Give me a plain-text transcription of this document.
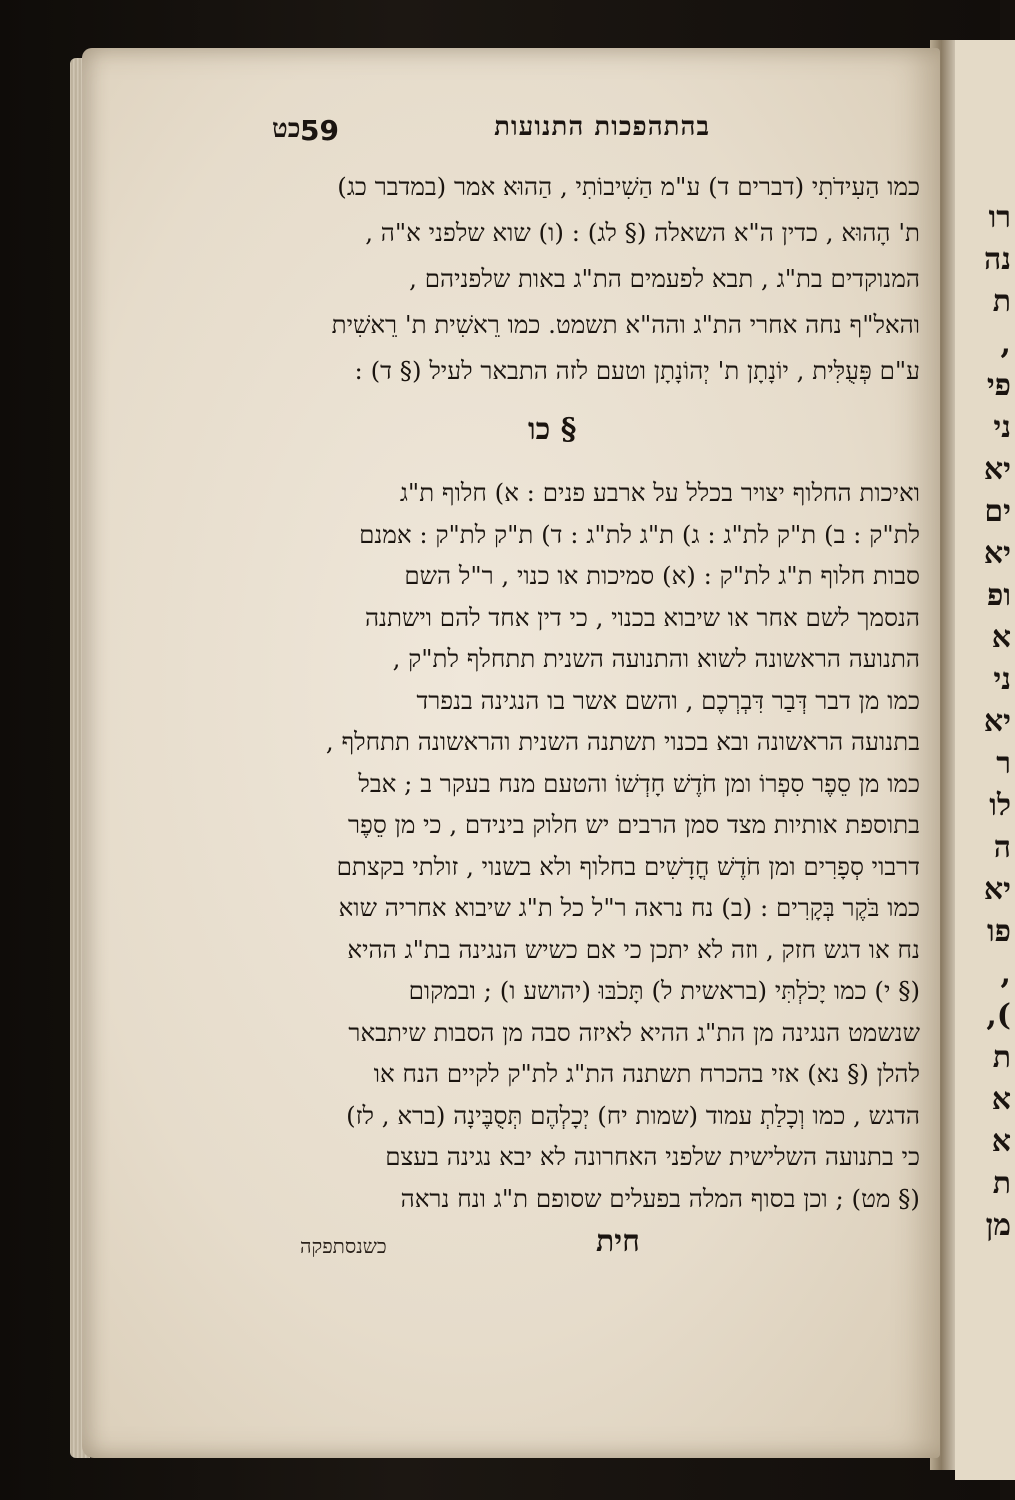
רו
נה
ת
,
פי
ני
יא
ים
יא
ופ
א
ני
יא
ר
לו
ה
יא
פו
,
),
ת
א
א
ת
מן
בהתהפכות התנועות
59
כט
כמו הַעִידֹתִי (דברים ד) ע"מ הַשִׁיבוֹתִי , הַהוּא אמר (במדבר כג)
ת' הָהוּא , כדין ה"א השאלה (§ לג) : (ו) שוא שלפני א"ה ,
המנוקדים בת"ג , תבא לפעמים הת"ג באות שלפניהם ,
והאל"ף נחה אחרי הת"ג והה"א תשמט. כמו רֵאשִׁית ת' רֵאשִׁית
ע"ם פְּעֻלִּית , יוֹנָתָן ת' יְהוֹנָתָן וטעם לזה התבאר לעיל (§ ד) :
§ כו
ואיכות החלוף יצויר בכלל על ארבע פנים : א) חלוף ת"ג
לת"ק : ב) ת"ק לת"ג : ג) ת"ג לת"ג : ד) ת"ק לת"ק : אמנם
סבות חלוף ת"ג לת"ק : (א) סמיכות או כנוי , ר"ל השם
הנסמך לשם אחר או שיבוא בכנוי , כי דין אחד להם וישתנה
התנועה הראשונה לשוא והתנועה השנית תתחלף לת"ק ,
כמו מן דבר דְּבַר דִּבְרְכֶם , והשם אשר בו הנגינה בנפרד
בתנועה הראשונה ובא בכנוי תשתנה השנית והראשונה תתחלף ,
כמו מן סֵפֶר סִפְרוֹ ומן חֹדֶשׁ חָדְשׁוֹ והטעם מנח בעקר ב ; אבל
בתוספת אותיות מצד סמן הרבים יש חלוק בינידם , כי מן סֵפֶר
דרבוי סְפָרִים ומן חֹדֶשׁ חֳדָשִׁים בחלוף ולא בשנוי , זולתי בקצתם
כמו בֹּקֶר בְּקָרִים : (ב) נח נראה ר"ל כל ת"ג שיבוא אחריה שוא
נח או דגש חזק , וזה לא יתכן כי אם כשיש הנגינה בת"ג ההיא
(§ י) כמו יָכֹלְתִּי (בראשית ל) תָּכֹבּוּ (יהושע ו) ; ובמקום
שנשמט הנגינה מן הת"ג ההיא לאיזה סבה מן הסבות שיתבאר
להלן (§ נא) אזי בהכרח תשתנה הת"ג לת"ק לקיים הנח או
הדגש , כמו וְכָלַתְ עמוד (שמות יח) יְכָלְהֶם תְּסֻבֶּינָה (ברא , לז)
כי בתנועה השלישית שלפני האחרונה לא יבא נגינה בעצם
(§ מט) ; וכן בסוף המלה בפעלים שסופם ת"ג ונח נראה
חית
כשנסתפקה
